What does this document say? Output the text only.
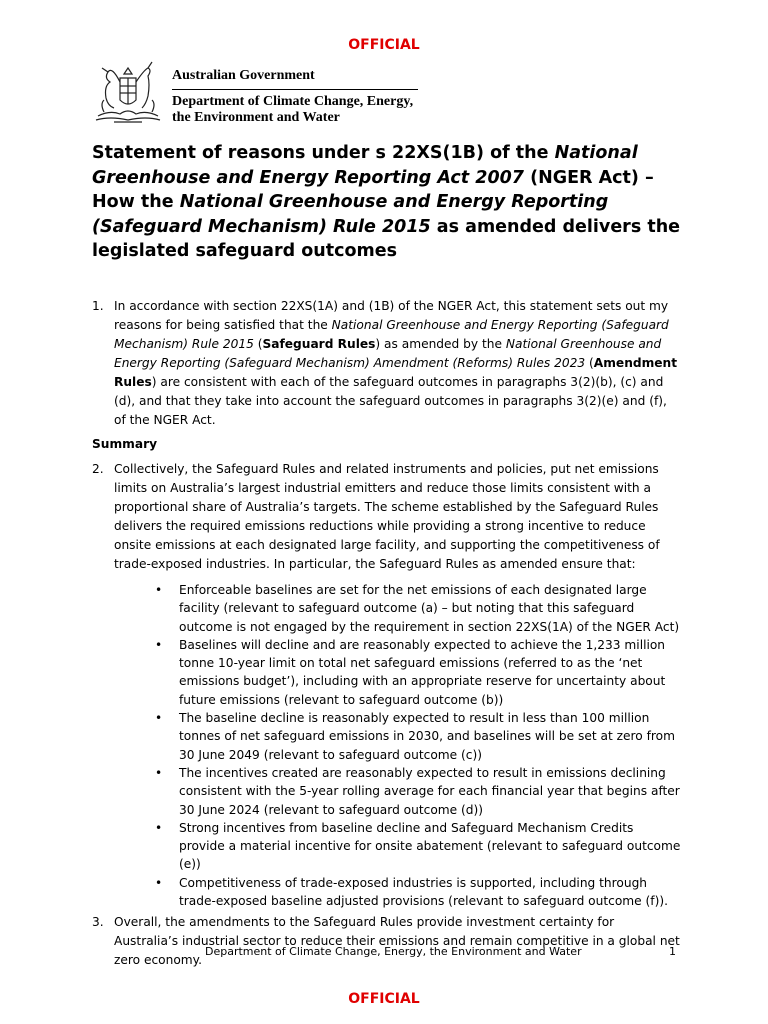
OFFICIAL
Australian Government
Department of Climate Change, Energy,
the Environment and Water
Statement of reasons under s 22XS(1B) of the National Greenhouse and Energy Reporting Act 2007 (NGER Act) – How the National Greenhouse and Energy Reporting (Safeguard Mechanism) Rule 2015 as amended delivers the legislated safeguard outcomes
1. In accordance with section 22XS(1A) and (1B) of the NGER Act, this statement sets out my reasons for being satisfied that the National Greenhouse and Energy Reporting (Safeguard Mechanism) Rule 2015 (Safeguard Rules) as amended by the National Greenhouse and Energy Reporting (Safeguard Mechanism) Amendment (Reforms) Rules 2023 (Amendment Rules) are consistent with each of the safeguard outcomes in paragraphs 3(2)(b), (c) and (d), and that they take into account the safeguard outcomes in paragraphs 3(2)(e) and (f), of the NGER Act.
Summary
2. Collectively, the Safeguard Rules and related instruments and policies, put net emissions limits on Australia’s largest industrial emitters and reduce those limits consistent with a proportional share of Australia’s targets. The scheme established by the Safeguard Rules delivers the required emissions reductions while providing a strong incentive to reduce onsite emissions at each designated large facility, and supporting the competitiveness of trade-exposed industries. In particular, the Safeguard Rules as amended ensure that:
• Enforceable baselines are set for the net emissions of each designated large facility (relevant to safeguard outcome (a) – but noting that this safeguard outcome is not engaged by the requirement in section 22XS(1A) of the NGER Act)
• Baselines will decline and are reasonably expected to achieve the 1,233 million tonne 10-year limit on total net safeguard emissions (referred to as the ‘net emissions budget’), including with an appropriate reserve for uncertainty about future emissions (relevant to safeguard outcome (b))
• The baseline decline is reasonably expected to result in less than 100 million tonnes of net safeguard emissions in 2030, and baselines will be set at zero from 30 June 2049 (relevant to safeguard outcome (c))
• The incentives created are reasonably expected to result in emissions declining consistent with the 5-year rolling average for each financial year that begins after 30 June 2024 (relevant to safeguard outcome (d))
• Strong incentives from baseline decline and Safeguard Mechanism Credits provide a material incentive for onsite abatement (relevant to safeguard outcome (e))
• Competitiveness of trade-exposed industries is supported, including through trade-exposed baseline adjusted provisions (relevant to safeguard outcome (f)).
3. Overall, the amendments to the Safeguard Rules provide investment certainty for Australia’s industrial sector to reduce their emissions and remain competitive in a global net zero economy.
Department of Climate Change, Energy, the Environment and Water	1
OFFICIAL
